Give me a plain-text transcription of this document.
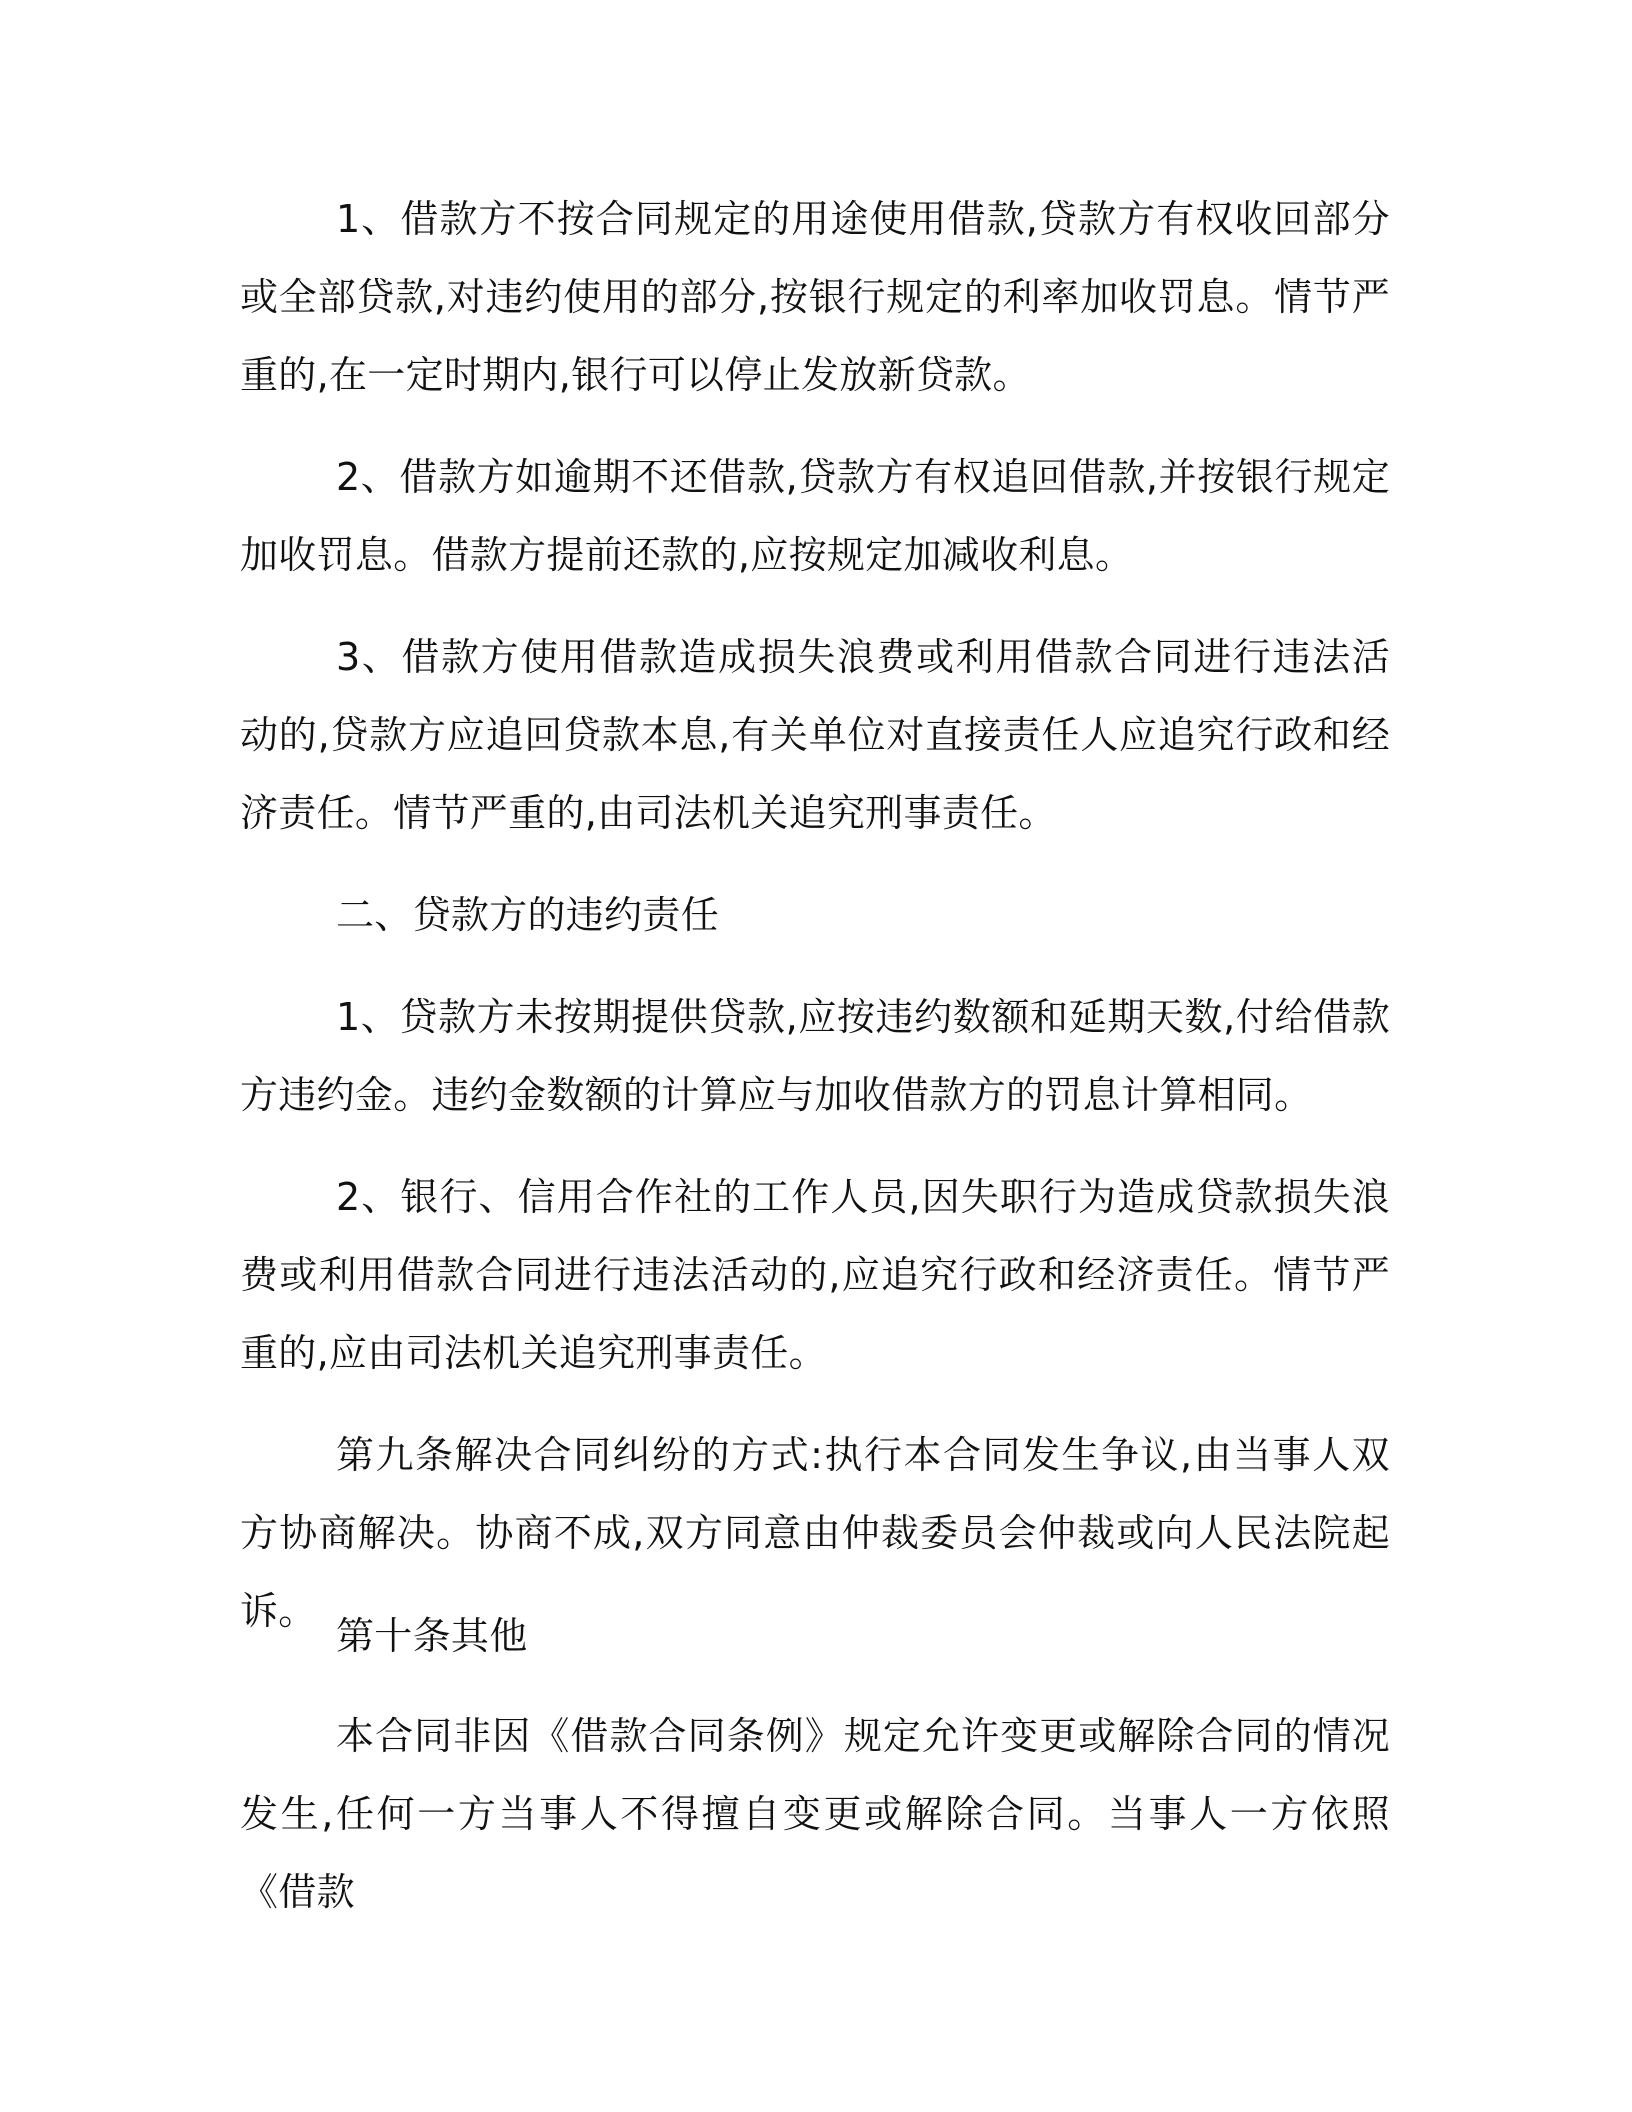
1、借款方不按合同规定的用途使用借款,贷款方有权收回部分或全部贷款,对违约使用的部分,按银行规定的利率加收罚息。情节严重的,在一定时期内,银行可以停止发放新贷款。

2、借款方如逾期不还借款,贷款方有权追回借款,并按银行规定加收罚息。借款方提前还款的,应按规定加减收利息。

3、借款方使用借款造成损失浪费或利用借款合同进行违法活动的,贷款方应追回贷款本息,有关单位对直接责任人应追究行政和经济责任。情节严重的,由司法机关追究刑事责任。

二、贷款方的违约责任

1、贷款方未按期提供贷款,应按违约数额和延期天数,付给借款方违约金。违约金数额的计算应与加收借款方的罚息计算相同。

2、银行、信用合作社的工作人员,因失职行为造成贷款损失浪费或利用借款合同进行违法活动的,应追究行政和经济责任。情节严重的,应由司法机关追究刑事责任。

第九条解决合同纠纷的方式:执行本合同发生争议,由当事人双方协商解决。协商不成,双方同意由仲裁委员会仲裁或向人民法院起诉。

第十条其他

本合同非因《借款合同条例》规定允许变更或解除合同的情况发生,任何一方当事人不得擅自变更或解除合同。当事人一方依照《借款
